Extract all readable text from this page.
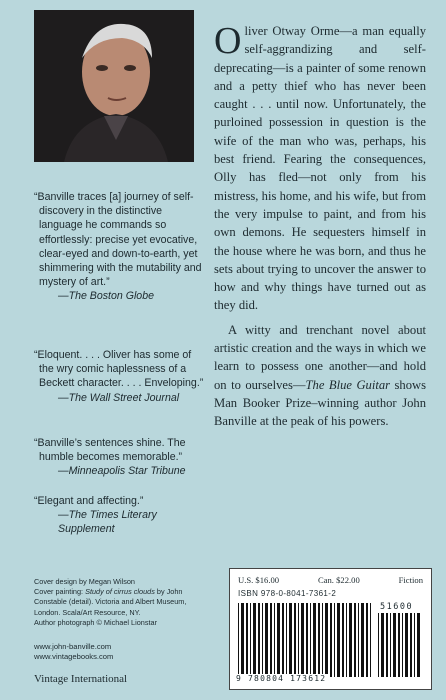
“Banville traces [a] journey of self-discovery in the distinctive language he commands so effortlessly: precise yet evocative, clear-eyed and down-to-earth, yet shimmering with the mutability and mystery of art.”
—The Boston Globe
“Eloquent. . . . Oliver has some of the wry comic haplessness of a Beckett character. . . . Enveloping.”
—The Wall Street Journal
“Banville’s sentences shine. The humble becomes memorable.”
—Minneapolis Star Tribune
“Elegant and affecting.”
—The Times Literary Supplement
Cover design by Megan Wilson
Cover painting: Study of cirrus clouds by John Constable (detail). Victoria and Albert Museum, London. Scala/Art Resource, NY.
Author photograph © Michael Lionstar
www.john-banville.com
www.vintagebooks.com
Vintage International

Oliver Otway Orme—a man equally self-aggrandizing and self-deprecating—is a painter of some renown and a petty thief who has never been caught . . . until now. Unfortunately, the purloined possession in question is the wife of the man who was, perhaps, his best friend. Fearing the consequences, Olly has fled—not only from his mistress, his home, and his wife, but from the very impulse to paint, and from his own demons. He sequesters himself in the house where he was born, and thus he sets about trying to uncover the answer to how and why things have turned out as they did.

A witty and trenchant novel about artistic creation and the ways in which we learn to possess one another—and hold on to ourselves—The Blue Guitar shows Man Booker Prize–winning author John Banville at the peak of his powers.

U.S. $16.00	Can. $22.00	Fiction
ISBN 978-0-8041-7361-2
51600
9 780804 173612
